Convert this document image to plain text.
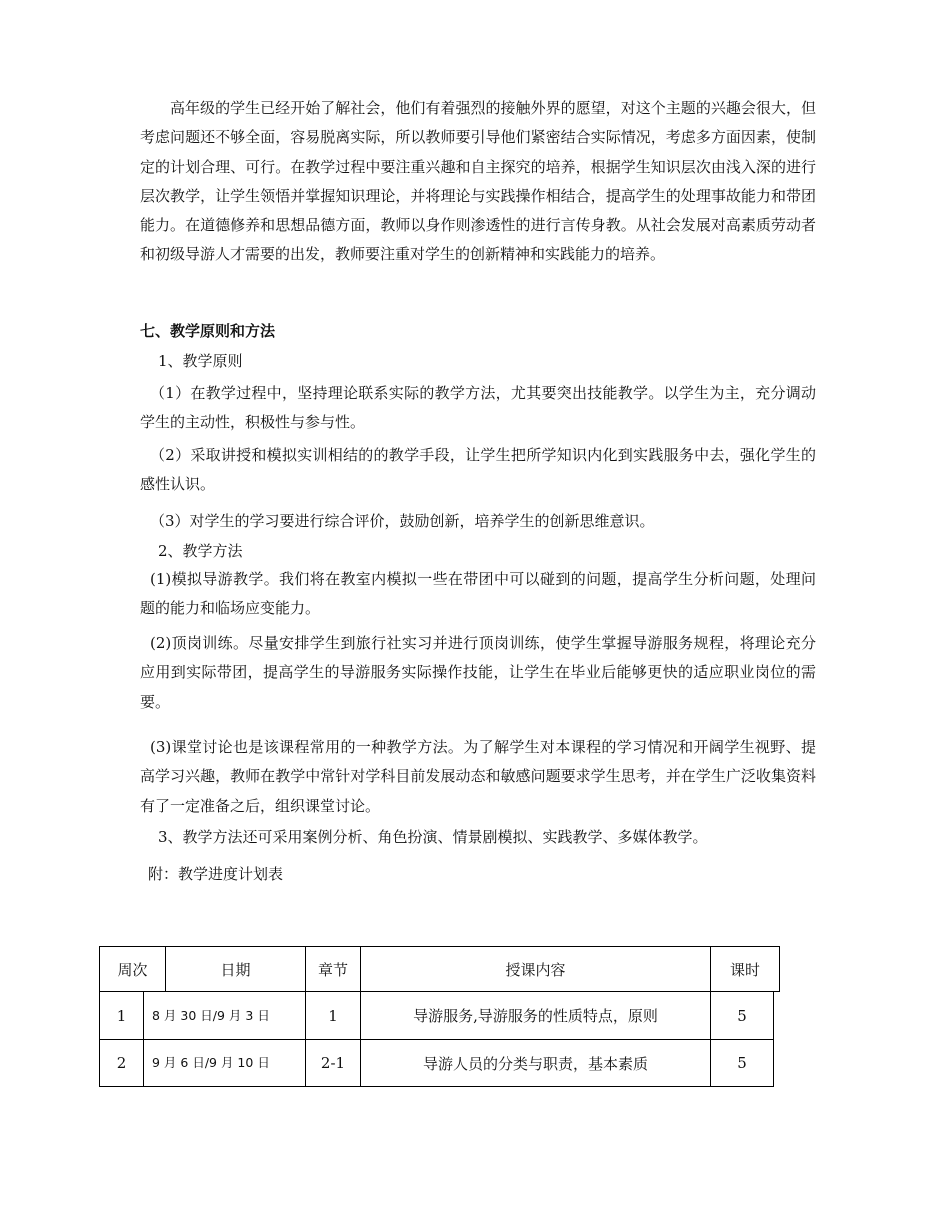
高年级的学生已经开始了解社会，他们有着强烈的接触外界的愿望，对这个主题的兴趣会很大，但考虑问题还不够全面，容易脱离实际，所以教师要引导他们紧密结合实际情况，考虑多方面因素，使制定的计划合理、可行。在教学过程中要注重兴趣和自主探究的培养，根据学生知识层次由浅入深的进行层次教学，让学生领悟并掌握知识理论，并将理论与实践操作相结合，提高学生的处理事故能力和带团能力。在道德修养和思想品德方面，教师以身作则渗透性的进行言传身教。从社会发展对高素质劳动者和初级导游人才需要的出发，教师要注重对学生的创新精神和实践能力的培养。

七、教学原则和方法

1、教学原则

（1）在教学过程中，坚持理论联系实际的教学方法，尤其要突出技能教学。以学生为主，充分调动学生的主动性，积极性与参与性。

（2）采取讲授和模拟实训相结的的教学手段，让学生把所学知识内化到实践服务中去，强化学生的感性认识。

（3）对学生的学习要进行综合评价，鼓励创新，培养学生的创新思维意识。

2、教学方法

(1)模拟导游教学。我们将在教室内模拟一些在带团中可以碰到的问题，提高学生分析问题，处理问题的能力和临场应变能力。

(2)顶岗训练。尽量安排学生到旅行社实习并进行顶岗训练，使学生掌握导游服务规程，将理论充分应用到实际带团，提高学生的导游服务实际操作技能，让学生在毕业后能够更快的适应职业岗位的需要。

(3)课堂讨论也是该课程常用的一种教学方法。为了解学生对本课程的学习情况和开阔学生视野、提高学习兴趣，教师在教学中常针对学科目前发展动态和敏感问题要求学生思考，并在学生广泛收集资料有了一定准备之后，组织课堂讨论。

3、教学方法还可采用案例分析、角色扮演、情景剧模拟、实践教学、多媒体教学。

附：教学进度计划表

周次	日期	章节	授课内容	课时
1	8 月 30 日/9 月 3 日	1	导游服务,导游服务的性质特点，原则	5
2	9 月 6 日/9 月 10 日	2-1	导游人员的分类与职责，基本素质	5
